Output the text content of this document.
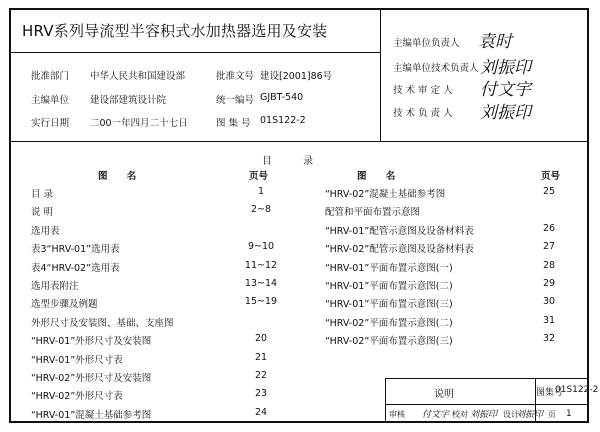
HRV系列导流型半容积式水加热器选用及安装
批准部门 中华人民共和国建设部	批准文号 建设[2001]86号
主编单位 建设部建筑设计院	统一编号 GJBT-540
实行日期 二00一年四月二十七日	图 集 号 01S122-2
主编单位负责人 袁时
主编单位技术负责人 刘振印
技 术 审 定 人 付文宇
技 术 负 责 人 刘振印
目 录
图 名	页号	图 名	页号
目 录	1
说 明	2~8
选用表
表3“HRV-01”选用表	9~10
表4“HRV-02”选用表	11~12
选用表附注	13~14
选型步骤及例题	15~19
外形尺寸及安装图、基础、支座图
“HRV-01”外形尺寸及安装图	20
“HRV-01”外形尺寸表	21
“HRV-02”外形尺寸及安装图	22
“HRV-02”外形尺寸表	23
“HRV-01”混凝土基础参考图	24
“HRV-02”混凝土基础参考图	25
配管和平面布置示意图
“HRV-01”配管示意图及设备材料表	26
“HRV-02”配管示意图及设备材料表	27
“HRV-01”平面布置示意图(一)	28
“HRV-01”平面布置示意图(二)	29
“HRV-01”平面布置示意图(三)	30
“HRV-02”平面布置示意图(二)	31
“HRV-02”平面布置示意图(三)	32
说明	图集号
01S122-2
审核 付文宇 校对 刘振印 设计
刘振印 页 1
